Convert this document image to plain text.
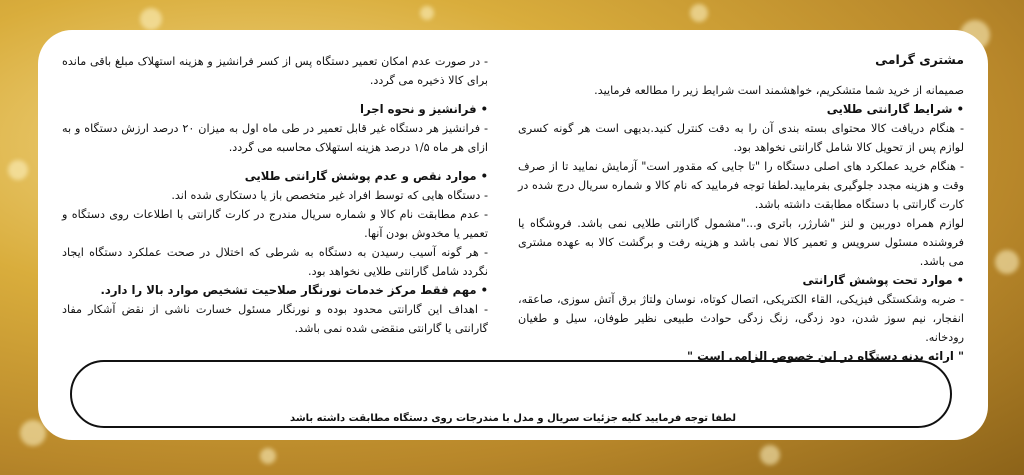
مشتری گرامی

صمیمانه از خرید شما متشکریم، خواهشمند است شرایط زیر را مطالعه فرمایید.

•شرایط گارانتی طلایی

- هنگام دریافت کالا محتوای بسته بندی آن را به دقت کنترل کنید.بدیهی است هر گونه کسری لوازم پس از تحویل کالا شامل گارانتی نخواهد بود.

- هنگام خرید عملکرد های اصلی دستگاه را "تا جایی که مقدور است" آزمایش نمایید تا از صرف وقت و هزینه مجدد جلوگیری بفرمایید.لطفا توجه فرمایید که نام کالا و شماره سریال درج شده در کارت گارانتی با دستگاه مطابقت داشته باشد.

لوازم همراه دوربین و لنز "شارژر، باتری و..."مشمول گارانتی طلایی نمی باشد. فروشگاه یا فروشنده مسئول سرویس و تعمیر کالا نمی باشد و هزینه رفت و برگشت کالا به عهده مشتری می باشد.

•موارد تحت پوشش گارانتی

- ضربه وشکستگی فیزیکی، القاء الکتریکی، اتصال کوتاه، نوسان ولتاژ برق آتش سوزی، صاعقه، انفجار، نیم سوز شدن، دود زدگی، زنگ زدگی حوادث طبیعی نظیر طوفان، سیل و طغیان رودخانه.

" ارائه بدنه دستگاه در این خصوص الزامی است "

- در صورت عدم امکان تعمیر دستگاه پس از کسر فرانشیز و هزینه استهلاک مبلغ باقی مانده برای کالا ذخیره می گردد.

•فرانشیز و نحوه اجرا

- فرانشیز هر دستگاه غیر قابل تعمیر در طی ماه اول به میزان ۲۰ درصد ارزش دستگاه و به ازای هر ماه ۱/۵ درصد هزینه استهلاک محاسبه می گردد.

•موارد نقص و عدم پوشش گارانتی طلایی

- دستگاه هایی که توسط افراد غیر متخصص باز یا دستکاری شده اند.

- عدم مطابقت نام کالا و شماره سریال مندرج در کارت گارانتی با اطلاعات روی دستگاه و تعمیر یا مخدوش بودن آنها.

- هر گونه آسیب رسیدن به دستگاه به شرطی که اختلال در صحت عملکرد دستگاه ایجاد نگردد شامل گارانتی طلایی نخواهد بود.

•مهم فقط مرکز خدمات نورنگار صلاحیت تشخیص موارد بالا را دارد.

- اهداف این گارانتی محدود بوده و نورنگار مسئول خسارت ناشی از نقض آشکار مفاد گارانتی یا گارانتی منقضی شده نمی باشد.

لطفا توجه فرمایید کلیه جزئیات سریال و مدل با مندرجات روی دستگاه مطابقت داشته باشد
